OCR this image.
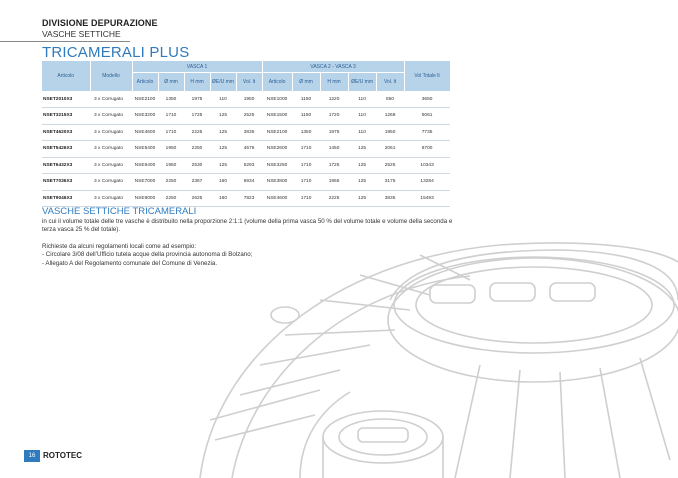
DIVISIONE DEPURAZIONE
VASCHE SETTICHE
TRICAMERALI PLUS
Articolo	Modello	VASCA 1					VASCA 2 - VASCA 3					Vol Totale lt
		Articolo	Ø mm	H mm	ØE/U mm	Vol. lt	Articolo	Ø mm	H mm	ØE/U mm	Vol. lt	
NSET2010X3	3 x Corrugato	NSE2100	1350	1975	110	1950	NSE1000	1150	1220	110	850	3650
NSET3215X3	3 x Corrugato	NSE3200	1710	1725	125	2525	NSE1500	1150	1720	110	1268	5061
NSET4620X3	3 x Corrugato	NSE4600	1710	2225	125	3835	NSE2100	1350	1975	110	1950	7735
NSET5426X3	3 x Corrugato	NSE5400	1950	2250	125	4576	NSE2600	1710	1450	125	2061	8700
NSET6432X3	3 x Corrugato	NSE6400	1950	2530	125	5293	NSE3250	1710	1725	125	2525	10343
NSET7036X3	3 x Corrugato	NSE7000	2250	2367	160	6934	NSE3800	1710	1955	125	3175	13284
NSET9046X3	3 x Corrugato	NSE9000	2250	2625	160	7823	NSE4600	1710	2225	125	3835	15493
VASCHE SETTICHE TRICAMERALI

in cui il volume totale delle tre vasche è distribuito nella proporzione 2:1:1 (volume della prima vasca 50 % del volume totale e volume della seconda e terza vasca 25 % del totale).

Richieste da alcuni regolamenti locali come ad esempio:

- Circolare 3/08 dell’Ufficio tutela acque della provincia autonoma di Bolzano;

- Allegato A del Regolamento comunale del Comune di Venezia.

16 ROTOTEC
